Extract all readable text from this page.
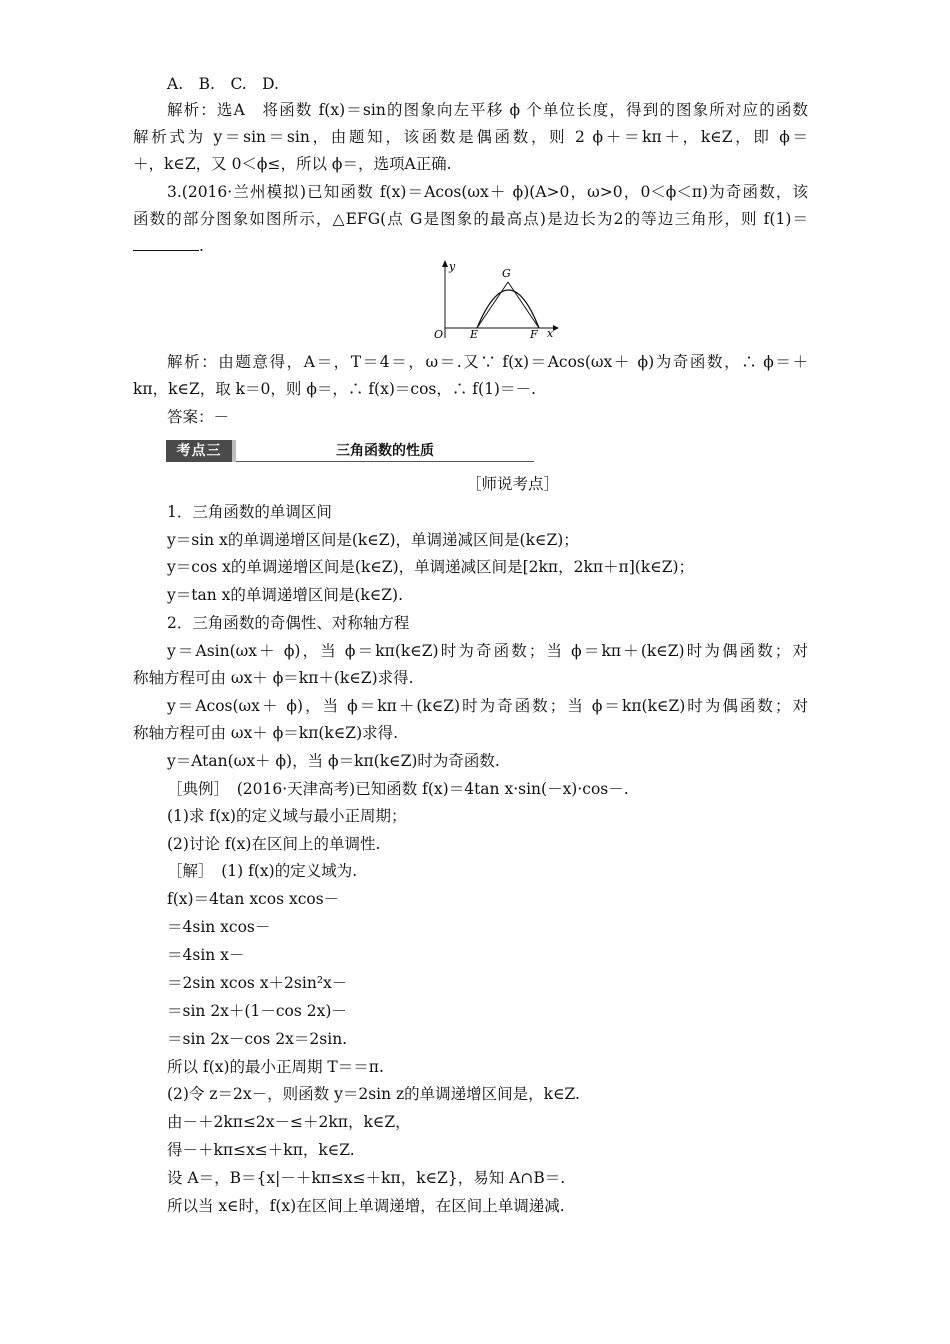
A.　B.　C.　D.
解析：选A　将函数 f(x)＝sin的图象向左平移 ϕ 个单位长度，得到的图象所对应的函数
解析式为 y＝sin＝sin，由题知，该函数是偶函数，则 2 ϕ＋＝kπ＋，k∈Z，即 ϕ＝
＋，k∈Z，又 0＜ϕ≤，所以 ϕ＝，选项A正确.
3.(2016·兰州模拟)已知函数 f(x)＝Acos(ωx＋ ϕ)(A>0，ω>0，0＜ϕ＜π)为奇函数，该
函数的部分图象如图所示，△EFG(点 G是图象的最高点)是边长为2的等边三角形，则 f(1)＝
.
y
O E	F x
G
解析：由题意得，A＝，T＝4＝，ω＝.又∵ f(x)＝Acos(ωx＋ ϕ)为奇函数，∴ ϕ＝＋
kπ，k∈Z，取 k＝0，则 ϕ＝，∴ f(x)＝cos，∴ f(1)＝－.
答案：－
考点三	三角函数的性质
［师说考点］
1．三角函数的单调区间
y＝sin x的单调递增区间是(k∈Z)，单调递减区间是(k∈Z)；
y＝cos x的单调递增区间是(k∈Z)，单调递减区间是[2kπ，2kπ＋π](k∈Z)；
y＝tan x的单调递增区间是(k∈Z).
2．三角函数的奇偶性、对称轴方程
y＝Asin(ωx＋ ϕ)，当 ϕ＝kπ(k∈Z)时为奇函数；当 ϕ＝kπ＋(k∈Z)时为偶函数；对
称轴方程可由 ωx＋ ϕ＝kπ＋(k∈Z)求得.
y＝Acos(ωx＋ ϕ)，当 ϕ＝kπ＋(k∈Z)时为奇函数；当 ϕ＝kπ(k∈Z)时为偶函数；对
称轴方程可由 ωx＋ ϕ＝kπ(k∈Z)求得.
y＝Atan(ωx＋ ϕ)，当 ϕ＝kπ(k∈Z)时为奇函数.
［典例］　(2016·天津高考)已知函数 f(x)＝4tan x·sin(－x)·cos－.
(1)求 f(x)的定义域与最小正周期；
(2)讨论 f(x)在区间上的单调性.
［解］　(1) f(x)的定义域为.
f(x)＝4tan xcos xcos－
＝4sin xcos－
＝4sin x－
＝2sin xcos x＋2sin²x－
＝sin 2x＋(1－cos 2x)－
＝sin 2x－cos 2x＝2sin.
所以 f(x)的最小正周期 T＝＝π.
(2)令 z＝2x－，则函数 y＝2sin z的单调递增区间是，k∈Z.
由－＋2kπ≤2x－≤＋2kπ，k∈Z，
得－＋kπ≤x≤＋kπ，k∈Z.
设 A＝，B＝{x|－＋kπ≤x≤＋kπ，k∈Z}，易知 A∩B＝.
所以当 x∈时，f(x)在区间上单调递增，在区间上单调递减.
